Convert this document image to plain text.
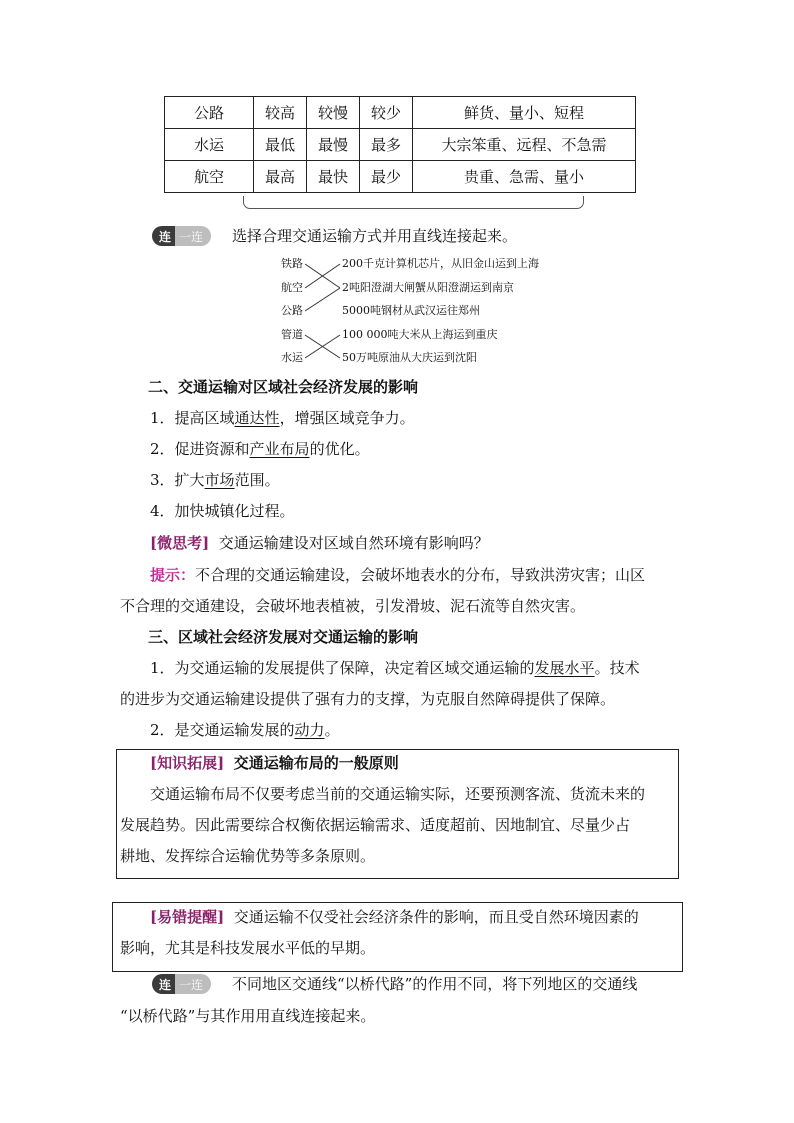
公路	较高	较慢	较少	鲜货、量小、短程
水运	最低	最慢	最多	大宗笨重、远程、不急需
航空	最高	最快	最少	贵重、急需、量小
连 一连	选择合理交通运输方式并用直线连接起来。
铁路
航空
公路
管道
水运
200千克计算机芯片，从旧金山运到上海
2吨阳澄湖大闸蟹从阳澄湖运到南京
5000吨钢材从武汉运往郑州
100 000吨大米从上海运到重庆
50万吨原油从大庆运到沈阳
二、交通运输对区域社会经济发展的影响
1．提高区域通达性，增强区域竞争力。
2．促进资源和产业布局的优化。
3．扩大市场范围。
4．加快城镇化过程。
[微思考] 交通运输建设对区域自然环境有影响吗？
提示：不合理的交通运输建设，会破坏地表水的分布，导致洪涝灾害；山区
不合理的交通建设，会破坏地表植被，引发滑坡、泥石流等自然灾害。
三、区域社会经济发展对交通运输的影响
1．为交通运输的发展提供了保障，决定着区域交通运输的发展水平。技术
的进步为交通运输建设提供了强有力的支撑，为克服自然障碍提供了保障。
2．是交通运输发展的动力。
[知识拓展] 交通运输布局的一般原则
交通运输布局不仅要考虑当前的交通运输实际，还要预测客流、货流未来的
发展趋势。因此需要综合权衡依据运输需求、适度超前、因地制宜、尽量少占
耕地、发挥综合运输优势等多条原则。
[易错提醒] 交通运输不仅受社会经济条件的影响，而且受自然环境因素的
影响，尤其是科技发展水平低的早期。
连 一连	不同地区交通线“以桥代路”的作用不同，将下列地区的交通线
“以桥代路”与其作用用直线连接起来。
